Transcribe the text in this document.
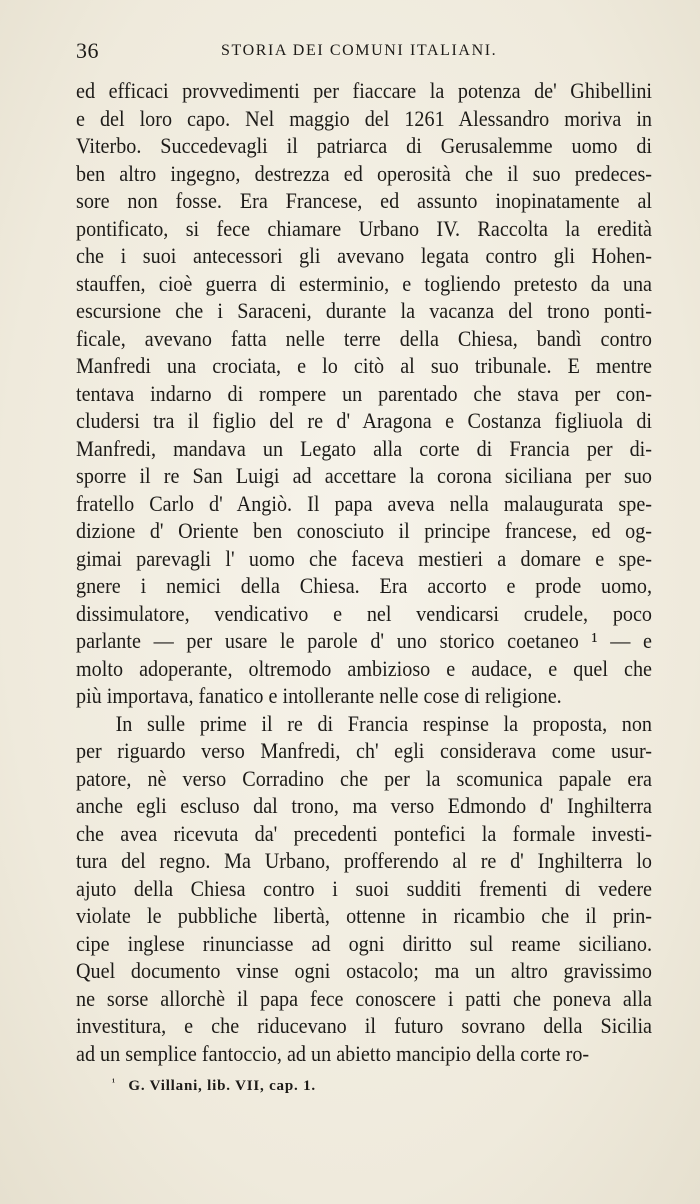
36	STORIA DEI COMUNI ITALIANI.
ed efficaci provvedimenti per fiaccare la potenza de' Ghibellini
e del loro capo. Nel maggio del 1261 Alessandro moriva in
Viterbo. Succedevagli il patriarca di Gerusalemme uomo di
ben altro ingegno, destrezza ed operosità che il suo predeces-
sore non fosse. Era Francese, ed assunto inopinatamente al
pontificato, si fece chiamare Urbano IV. Raccolta la eredità
che i suoi antecessori gli avevano legata contro gli Hohen-
stauffen, cioè guerra di esterminio, e togliendo pretesto da una
escursione che i Saraceni, durante la vacanza del trono ponti-
ficale, avevano fatta nelle terre della Chiesa, bandì contro
Manfredi una crociata, e lo citò al suo tribunale. E mentre
tentava indarno di rompere un parentado che stava per con-
cludersi tra il figlio del re d' Aragona e Costanza figliuola di
Manfredi, mandava un Legato alla corte di Francia per di-
sporre il re San Luigi ad accettare la corona siciliana per suo
fratello Carlo d' Angiò. Il papa aveva nella malaugurata spe-
dizione d' Oriente ben conosciuto il principe francese, ed og-
gimai parevagli l' uomo che faceva mestieri a domare e spe-
gnere i nemici della Chiesa. Era accorto e prode uomo,
dissimulatore, vendicativo e nel vendicarsi crudele, poco
parlante — per usare le parole d' uno storico coetaneo ¹ — e
molto adoperante, oltremodo ambizioso e audace, e quel che
più importava, fanatico e intollerante nelle cose di religione.
In sulle prime il re di Francia respinse la proposta, non
per riguardo verso Manfredi, ch' egli considerava come usur-
patore, nè verso Corradino che per la scomunica papale era
anche egli escluso dal trono, ma verso Edmondo d' Inghilterra
che avea ricevuta da' precedenti pontefici la formale investi-
tura del regno. Ma Urbano, profferendo al re d' Inghilterra lo
ajuto della Chiesa contro i suoi sudditi frementi di vedere
violate le pubbliche libertà, ottenne in ricambio che il prin-
cipe inglese rinunciasse ad ogni diritto sul reame siciliano.
Quel documento vinse ogni ostacolo; ma un altro gravissimo
ne sorse allorchè il papa fece conoscere i patti che poneva alla
investitura, e che riducevano il futuro sovrano della Sicilia
ad un semplice fantoccio, ad un abietto mancipio della corte ro-
$^{^1}$ G. Villani, lib. VII, cap. 1.
